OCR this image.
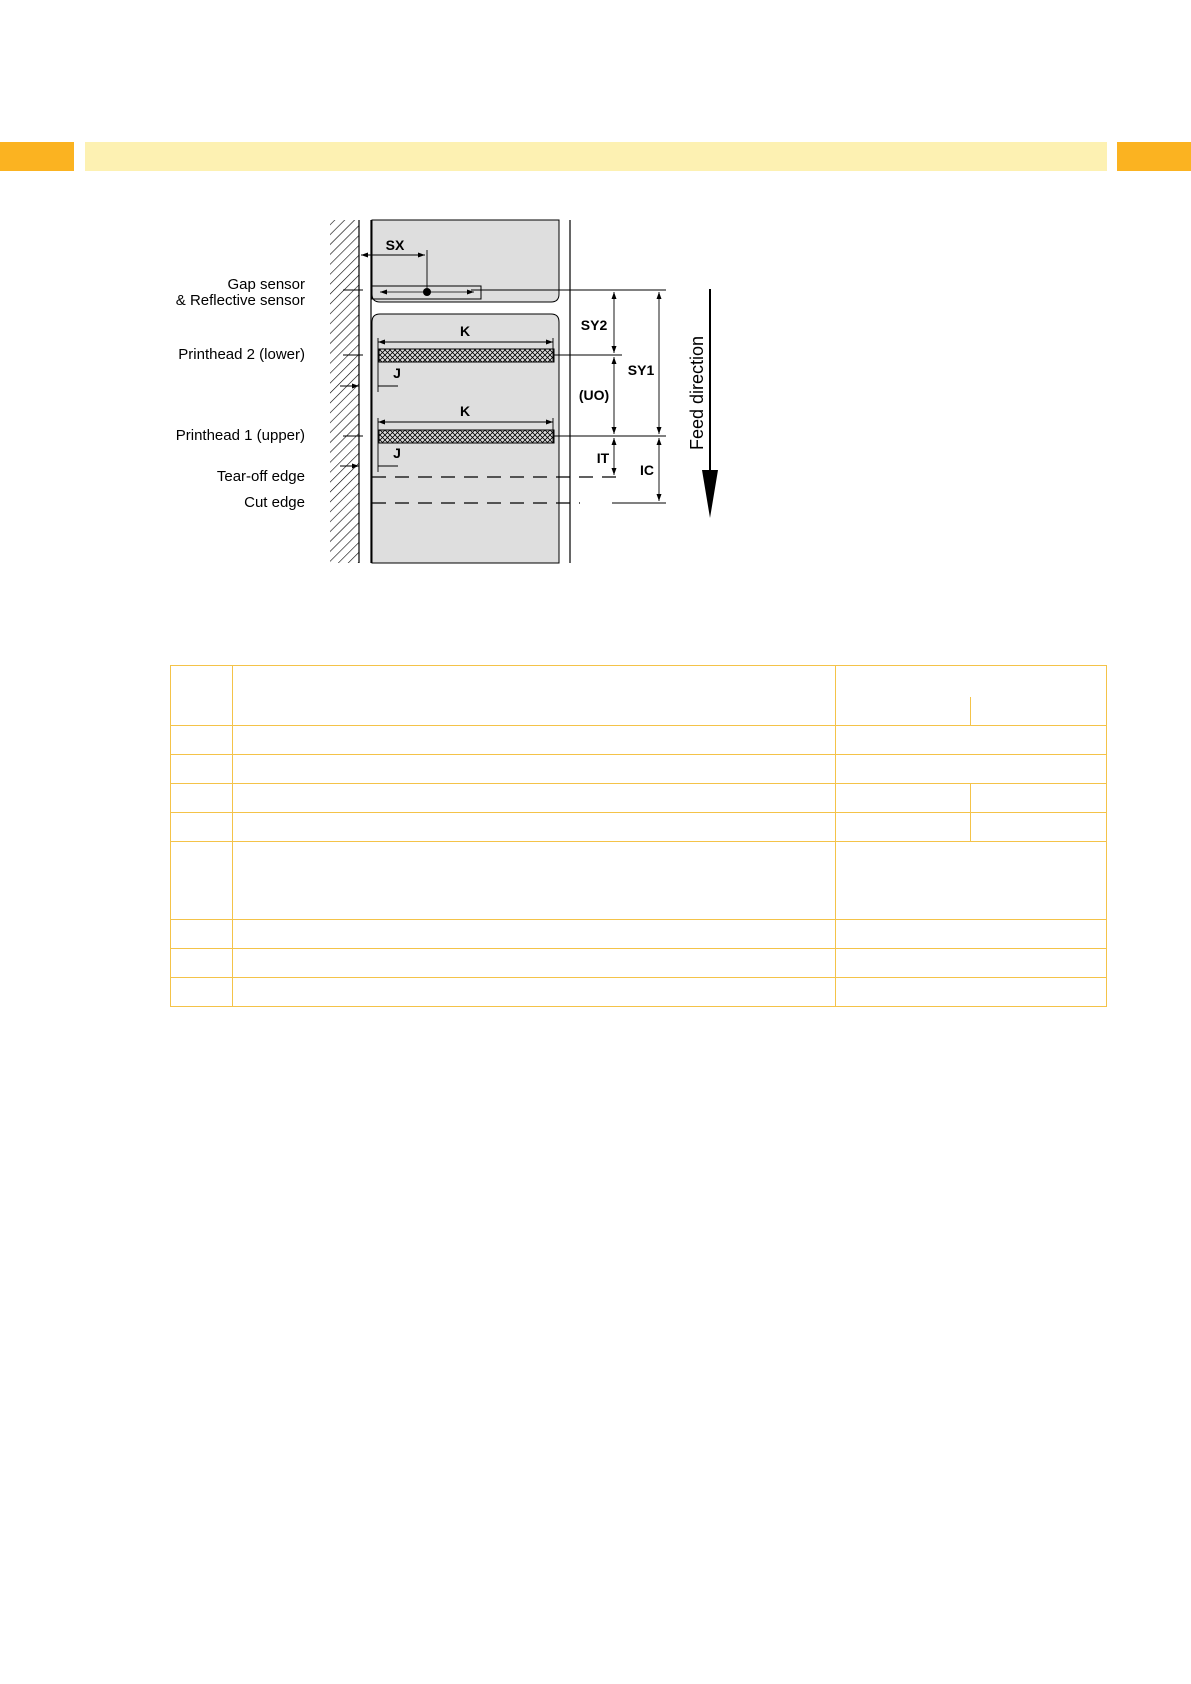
SX
K
J
K
J
SY2
(UO)
IT
SY1
IC
Feed direction
Gap sensor
& Reflective sensor
Printhead 2 (lower)
Printhead 1 (upper)
Tear-off edge
Cut edge
